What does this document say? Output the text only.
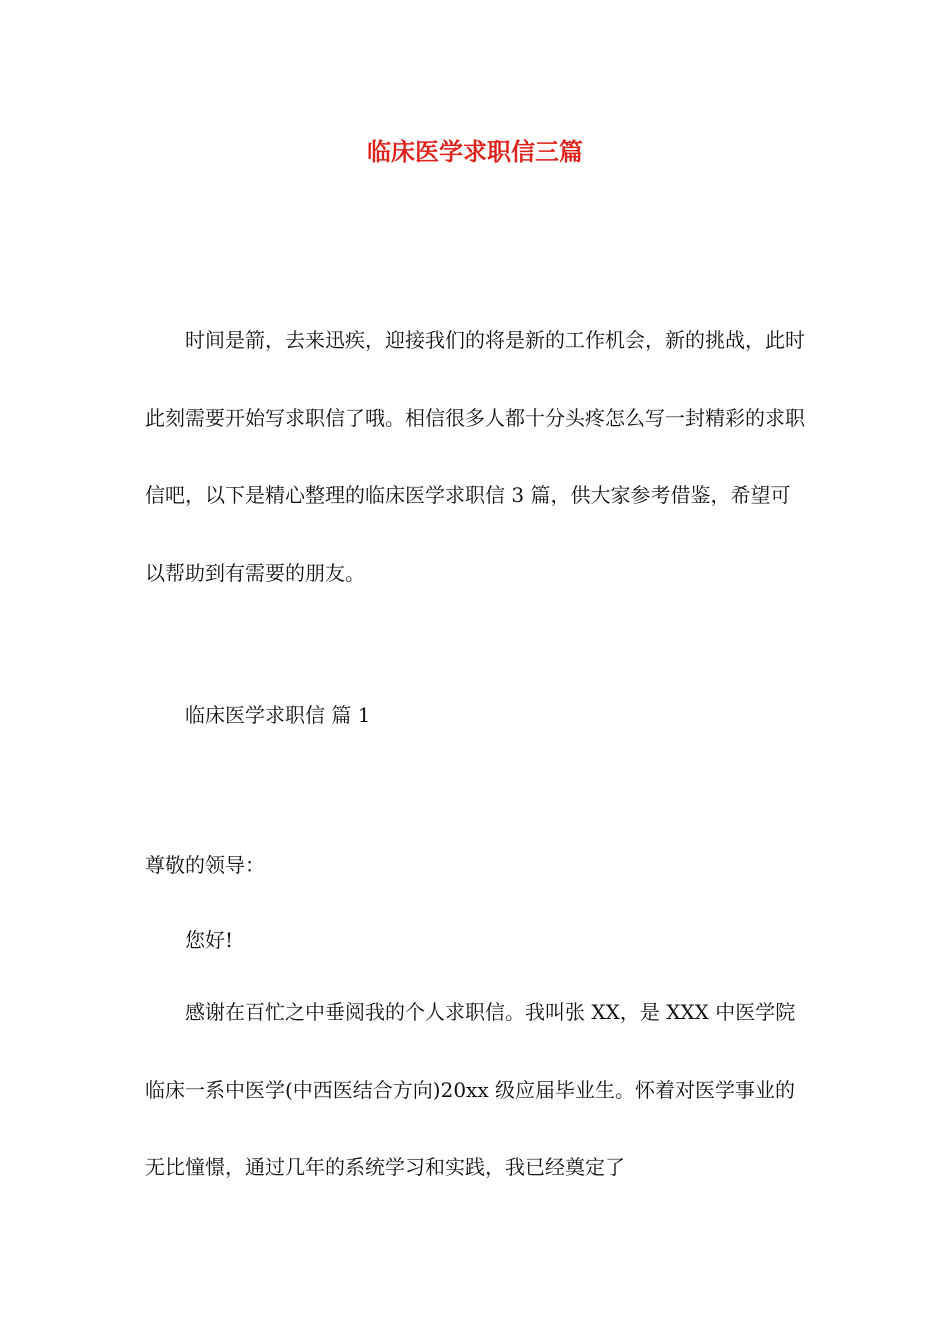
临床医学求职信三篇

时间是箭，去来迅疾，迎接我们的将是新的工作机会，新的挑战，此时此刻需要开始写求职信了哦。相信很多人都十分头疼怎么写一封精彩的求职信吧，以下是精心整理的临床医学求职信 3 篇，供大家参考借鉴，希望可以帮助到有需要的朋友。

临床医学求职信 篇 1

尊敬的领导：

您好!

感谢在百忙之中垂阅我的个人求职信。我叫张 XX，是 XXX 中医学院临床一系中医学(中西医结合方向)20xx 级应届毕业生。怀着对医学事业的无比憧憬，通过几年的系统学习和实践，我已经奠定了
